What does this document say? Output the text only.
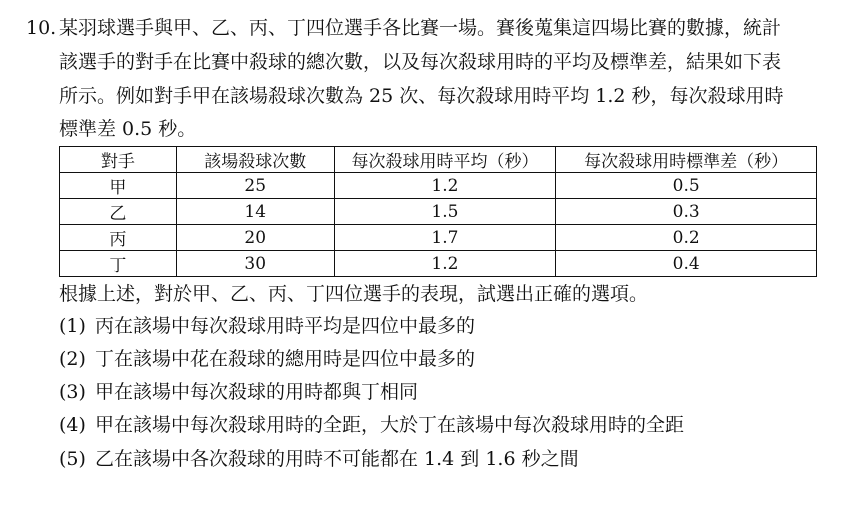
10. 某羽球選手與甲、乙、丙、丁四位選手各比賽一場。賽後蒐集這四場比賽的數據，統計
該選手的對手在比賽中殺球的總次數，以及每次殺球用時的平均及標準差，結果如下表
所示。例如對手甲在該場殺球次數為 25 次、每次殺球用時平均 1.2 秒，每次殺球用時
標準差 0.5 秒。
對手	該場殺球次數	每次殺球用時平均（秒）	每次殺球用時標準差（秒）
甲	25	1.2	0.5
乙	14	1.5	0.3
丙	20	1.7	0.2
丁	30	1.2	0.4
根據上述，對於甲、乙、丙、丁四位選手的表現，試選出正確的選項。
(1) 丙在該場中每次殺球用時平均是四位中最多的
(2) 丁在該場中花在殺球的總用時是四位中最多的
(3) 甲在該場中每次殺球的用時都與丁相同
(4) 甲在該場中每次殺球用時的全距，大於丁在該場中每次殺球用時的全距
(5) 乙在該場中各次殺球的用時不可能都在 1.4 到 1.6 秒之間
